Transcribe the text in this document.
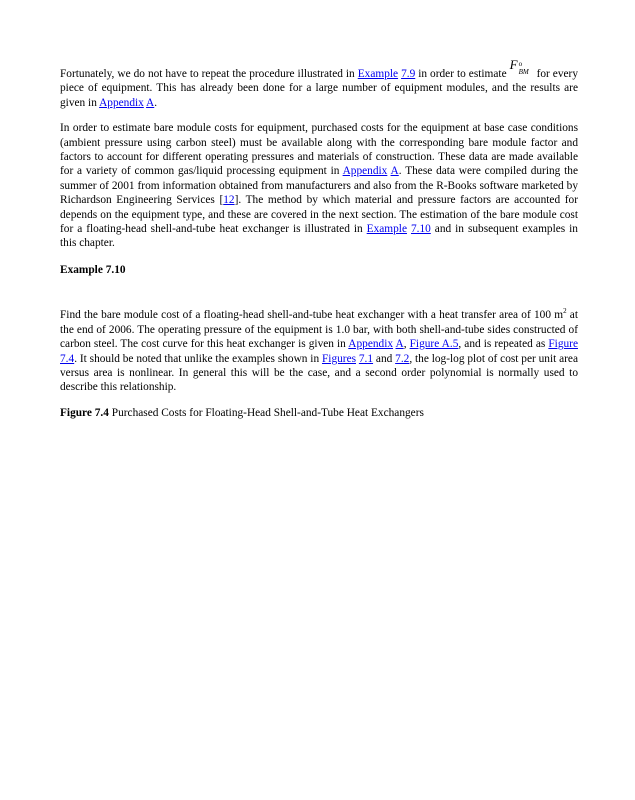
Fortunately, we do not have to repeat the procedure illustrated in Example 7.9 in order to estimate
F o
BM for every piece of equipment. This has already been done for a large number of equipment modules, and the results are given in Appendix A.

In order to estimate bare module costs for equipment, purchased costs for the equipment at base case conditions (ambient pressure using carbon steel) must be available along with the corresponding bare module factor and factors to account for different operating pressures and materials of construction. These data are made available for a variety of common gas/liquid processing equipment in Appendix A. These data were compiled during the summer of 2001 from information obtained from manufacturers and also from the R-Books software marketed by Richardson Engineering Services [12]. The method by which material and pressure factors are accounted for depends on the equipment type, and these are covered in the next section. The estimation of the bare module cost for a floating-head shell-and-tube heat exchanger is illustrated in Example 7.10 and in subsequent examples in this chapter.

Example 7.10

Find the bare module cost of a floating-head shell-and-tube heat exchanger with a heat transfer area of 100 $m^2$ at the end of 2006. The operating pressure of the equipment is 1.0 bar, with both shell-and-tube sides constructed of carbon steel. The cost curve for this heat exchanger is given in Appendix A, Figure A.5, and is repeated as Figure 7.4. It should be noted that unlike the examples shown in Figures 7.1 and 7.2, the log-log plot of cost per unit area versus area is nonlinear. In general this will be the case, and a second order polynomial is normally used to describe this relationship.

Figure 7.4 Purchased Costs for Floating-Head Shell-and-Tube Heat Exchangers
